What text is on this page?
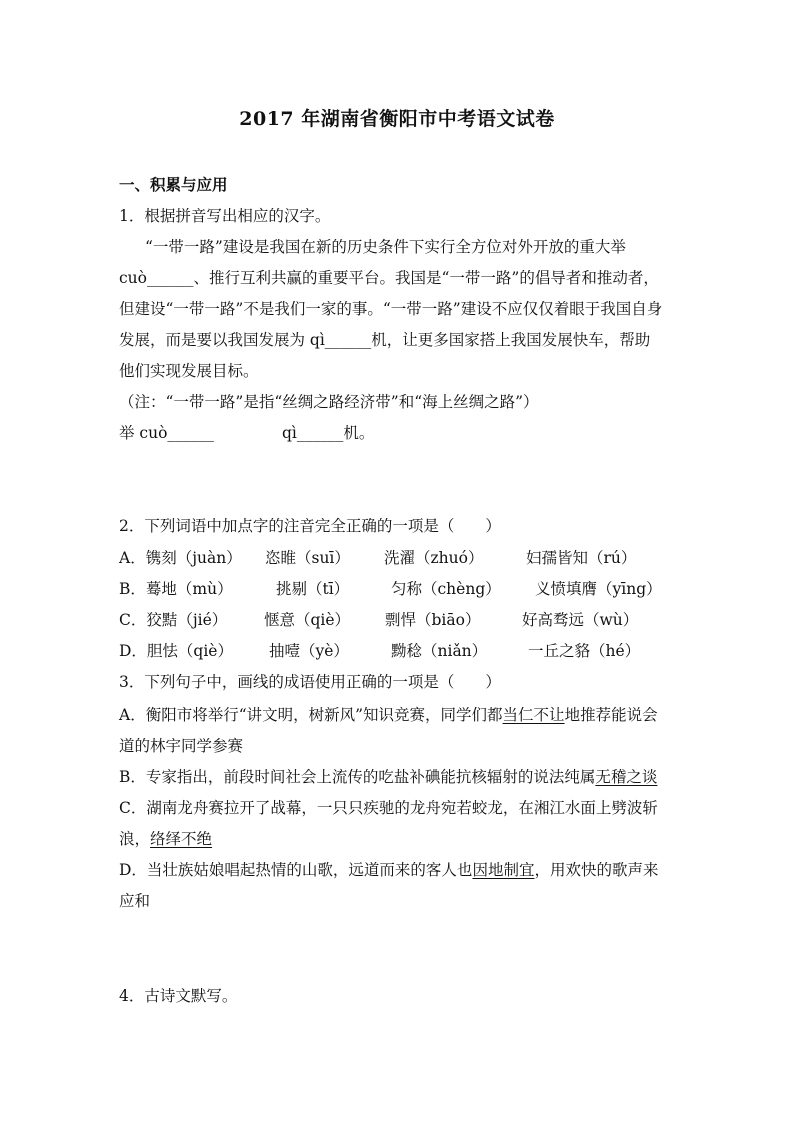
2017 年湖南省衡阳市中考语文试卷
一、积累与应用
1．根据拼音写出相应的汉字。
“一带一路”建设是我国在新的历史条件下实行全方位对外开放的重大举
cuò______、推行互利共赢的重要平台。我国是“一带一路”的倡导者和推动者，
但建设“一带一路”不是我们一家的事。“一带一路”建设不应仅仅着眼于我国自身
发展，而是要以我国发展为 qì______机，让更多国家搭上我国发展快车，帮助
他们实现发展目标。
（注：“一带一路”是指“丝绸之路经济带”和“海上丝绸之路”）
举 cuò______	qì______机。
2．下列词语中加点字的注音完全正确的一项是（　　）
A．镌刻（juàn） 恣睢（suī） 洗濯（zhuó）	妇孺皆知（rú）
B．蓦地（mù）	挑剔（tī）	匀称（chèng） 义愤填膺（yīng）
C．狡黠（jié） 惬意（qiè） 剽悍（biāo）	好高骛远（wù）
D．胆怯（qiè） 抽噎（yè）	黝稔（niǎn）	一丘之貉（hé）
3．下列句子中，画线的成语使用正确的一项是（　　）
A．衡阳市将举行“讲文明，树新风”知识竞赛，同学们都当仁不让地推荐能说会
道的林宇同学参赛
B．专家指出，前段时间社会上流传的吃盐补碘能抗核辐射的说法纯属无稽之谈
C．湖南龙舟赛拉开了战幕，一只只疾驰的龙舟宛若蛟龙，在湘江水面上劈波斩
浪，络绎不绝
D．当壮族姑娘唱起热情的山歌，远道而来的客人也因地制宜，用欢快的歌声来
应和
4．古诗文默写。
